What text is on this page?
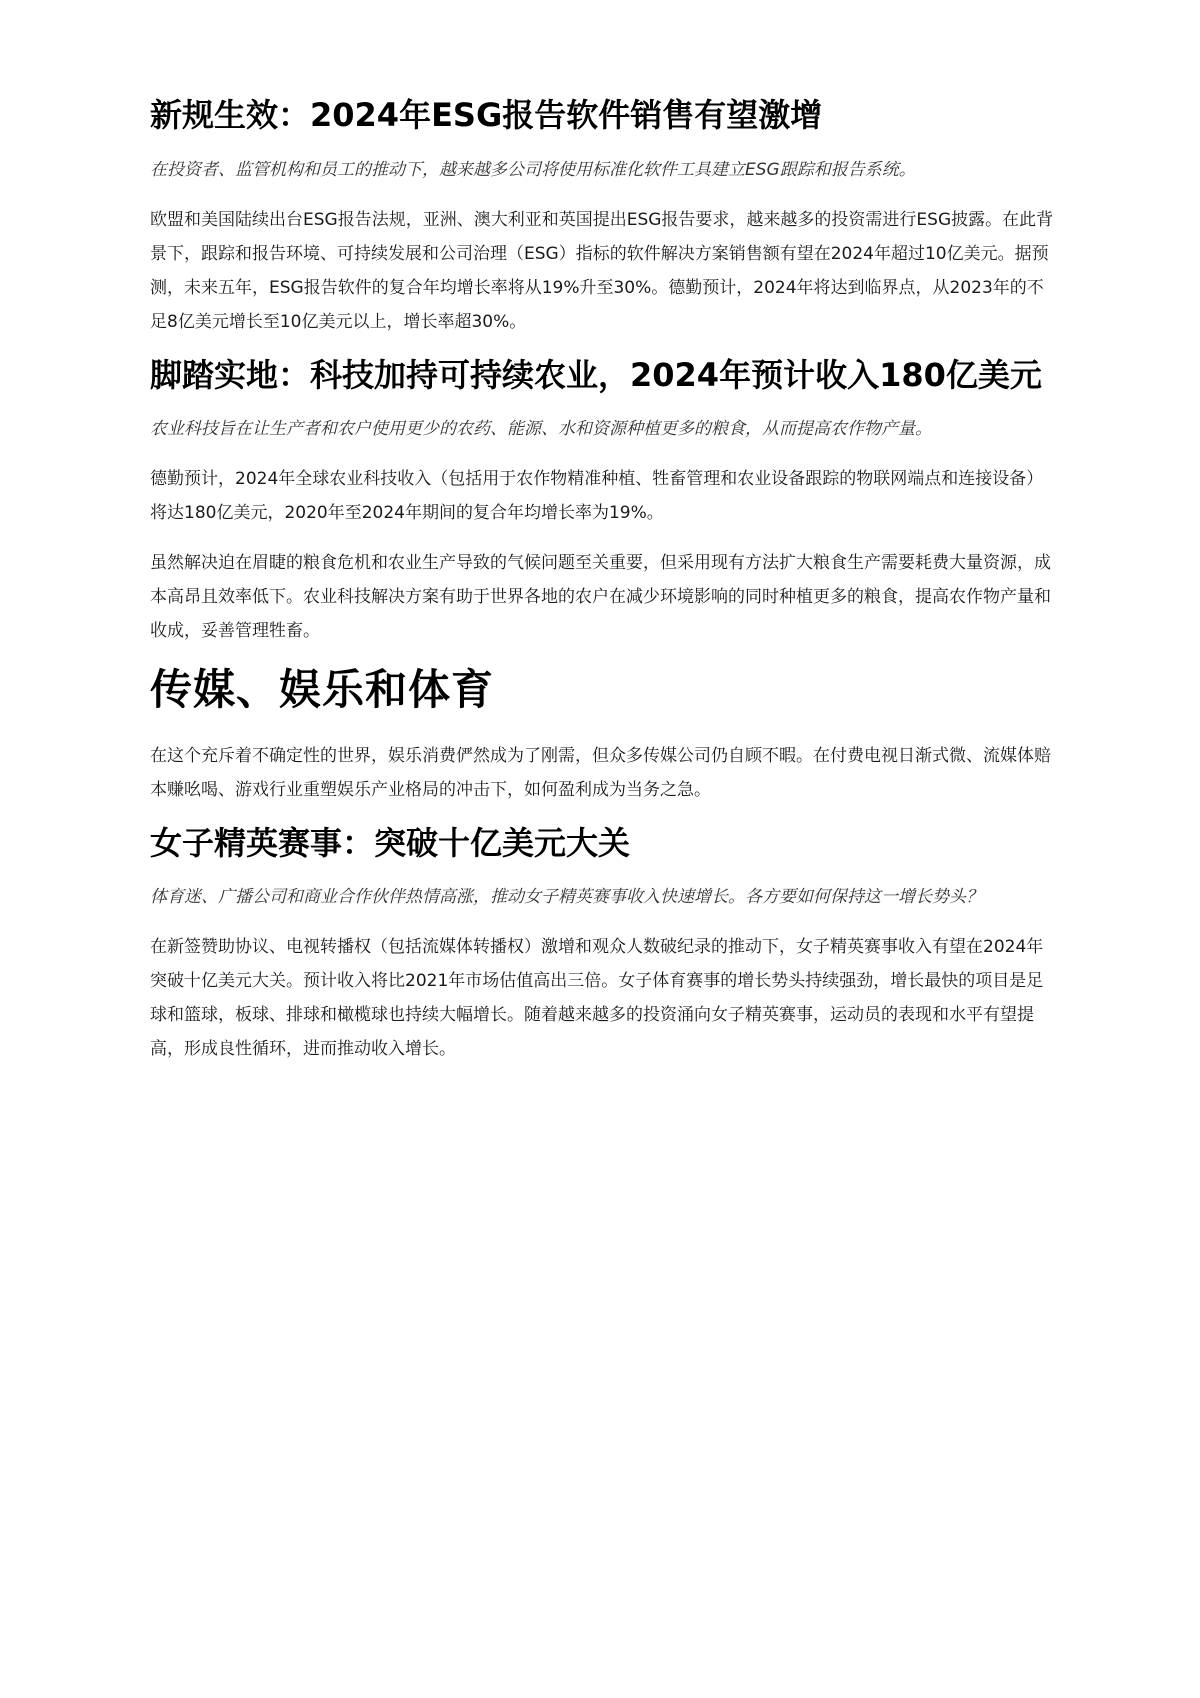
新规生效：2024年ESG报告软件销售有望激增

在投资者、监管机构和员工的推动下，越来越多公司将使用标准化软件工具建立ESG跟踪和报告系统。

欧盟和美国陆续出台ESG报告法规，亚洲、澳大利亚和英国提出ESG报告要求，越来越多的投资需进行ESG披露。在此背景下，跟踪和报告环境、可持续发展和公司治理（ESG）指标的软件解决方案销售额有望在2024年超过10亿美元。据预测，未来五年，ESG报告软件的复合年均增长率将从19%升至30%。德勤预计，2024年将达到临界点，从2023年的不足8亿美元增长至10亿美元以上，增长率超30%。

脚踏实地：科技加持可持续农业，2024年预计收入180亿美元

农业科技旨在让生产者和农户使用更少的农药、能源、水和资源种植更多的粮食，从而提高农作物产量。

德勤预计，2024年全球农业科技收入（包括用于农作物精准种植、牲畜管理和农业设备跟踪的物联网端点和连接设备）将达180亿美元，2020年至2024年期间的复合年均增长率为19%。

虽然解决迫在眉睫的粮食危机和农业生产导致的气候问题至关重要，但采用现有方法扩大粮食生产需要耗费大量资源，成本高昂且效率低下。农业科技解决方案有助于世界各地的农户在减少环境影响的同时种植更多的粮食，提高农作物产量和收成，妥善管理牲畜。

传媒、娱乐和体育

在这个充斥着不确定性的世界，娱乐消费俨然成为了刚需，但众多传媒公司仍自顾不暇。在付费电视日渐式微、流媒体赔本赚吆喝、游戏行业重塑娱乐产业格局的冲击下，如何盈利成为当务之急。

女子精英赛事：突破十亿美元大关

体育迷、广播公司和商业合作伙伴热情高涨，推动女子精英赛事收入快速增长。各方要如何保持这一增长势头？

在新签赞助协议、电视转播权（包括流媒体转播权）激增和观众人数破纪录的推动下，女子精英赛事收入有望在2024年突破十亿美元大关。预计收入将比2021年市场估值高出三倍。女子体育赛事的增长势头持续强劲，增长最快的项目是足球和篮球，板球、排球和橄榄球也持续大幅增长。随着越来越多的投资涌向女子精英赛事，运动员的表现和水平有望提高，形成良性循环，进而推动收入增长。
